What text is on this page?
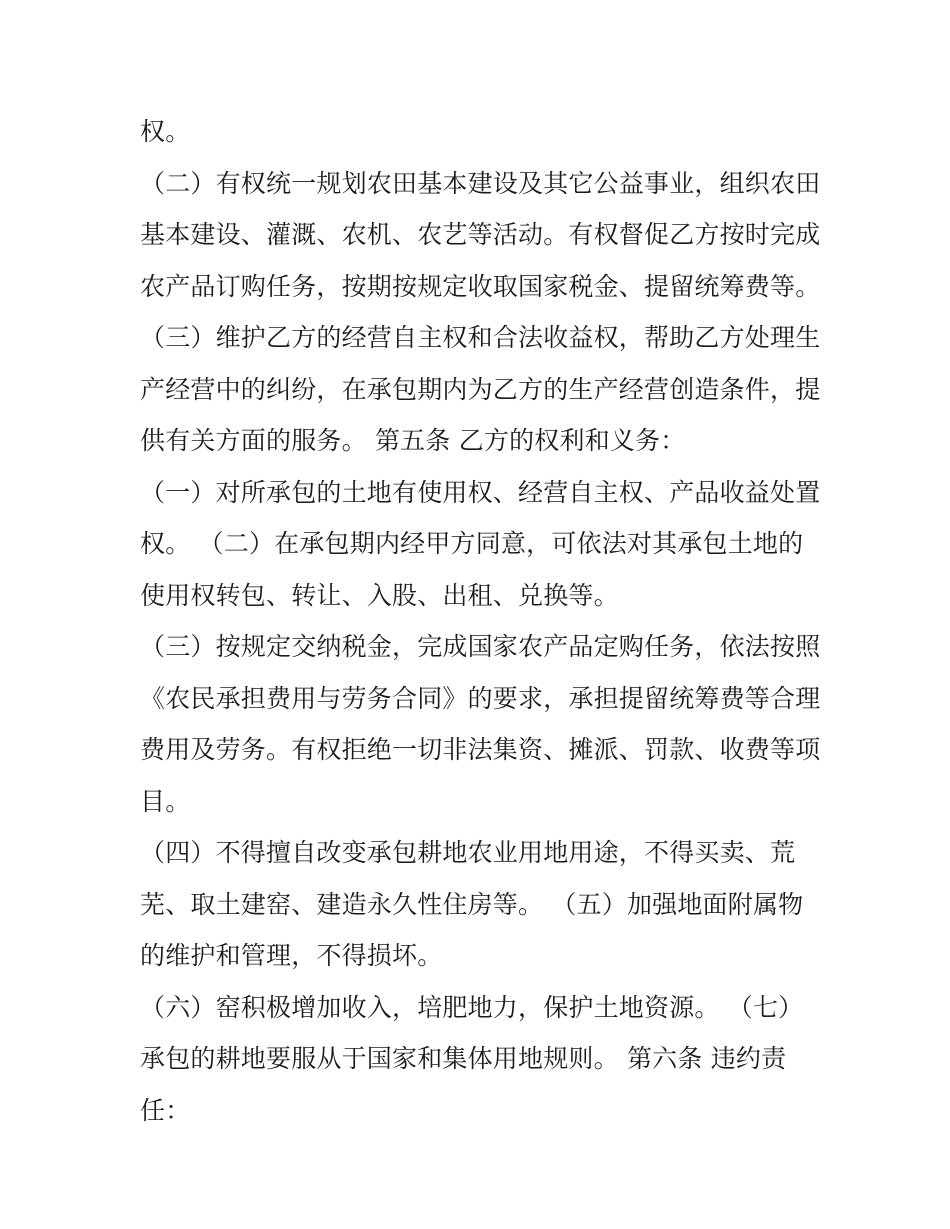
权。
（二）有权统一规划农田基本建设及其它公益事业，组织农田
基本建设、灌溉、农机、农艺等活动。有权督促乙方按时完成
农产品订购任务，按期按规定收取国家税金、提留统筹费等。
（三）维护乙方的经营自主权和合法收益权，帮助乙方处理生
产经营中的纠纷，在承包期内为乙方的生产经营创造条件，提
供有关方面的服务。 第五条 乙方的权利和义务：
（一）对所承包的土地有使用权、经营自主权、产品收益处置
权。 （二）在承包期内经甲方同意，可依法对其承包土地的
使用权转包、转让、入股、出租、兑换等。
（三）按规定交纳税金，完成国家农产品定购任务，依法按照
《农民承担费用与劳务合同》的要求，承担提留统筹费等合理
费用及劳务。有权拒绝一切非法集资、摊派、罚款、收费等项
目。
（四）不得擅自改变承包耕地农业用地用途，不得买卖、荒
芜、取土建窑、建造永久性住房等。 （五）加强地面附属物
的维护和管理，不得损坏。
（六）窑积极增加收入，培肥地力，保护土地资源。 （七）
承包的耕地要服从于国家和集体用地规则。 第六条 违约责
任：
